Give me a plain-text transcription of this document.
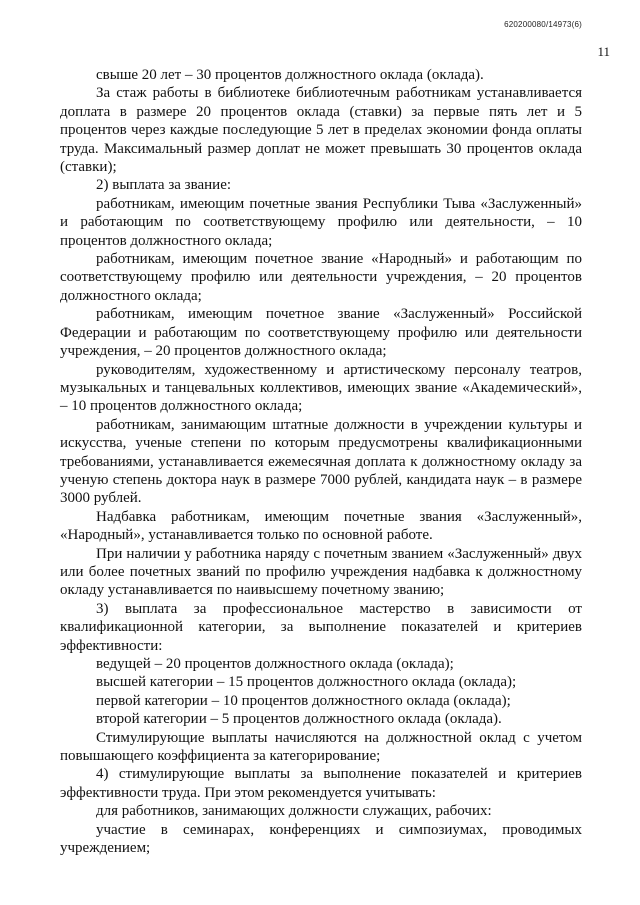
620200080/14973(6)
11

свыше 20 лет – 30 процентов должностного оклада (оклада).

За стаж работы в библиотеке библиотечным работникам устанавливается доплата в размере 20 процентов оклада (ставки) за первые пять лет и 5 процентов через каждые последующие 5 лет в пределах экономии фонда оплаты труда. Максимальный размер доплат не может превышать 30 процентов оклада (ставки);

2) выплата за звание:

работникам, имеющим почетные звания Республики Тыва «Заслуженный» и работающим по соответствующему профилю или деятельности, – 10 процентов должностного оклада;

работникам, имеющим почетное звание «Народный» и работающим по соответствующему профилю или деятельности учреждения, – 20 процентов должностного оклада;

работникам, имеющим почетное звание «Заслуженный» Российской Федерации и работающим по соответствующему профилю или деятельности учреждения, – 20 процентов должностного оклада;

руководителям, художественному и артистическому персоналу театров, музыкальных и танцевальных коллективов, имеющих звание «Академический», – 10 процентов должностного оклада;

работникам, занимающим штатные должности в учреждении культуры и искусства, ученые степени по которым предусмотрены квалификационными требованиями, устанавливается ежемесячная доплата к должностному окладу за ученую степень доктора наук в размере 7000 рублей, кандидата наук – в размере 3000 рублей.

Надбавка работникам, имеющим почетные звания «Заслуженный», «Народный», устанавливается только по основной работе.

При наличии у работника наряду с почетным званием «Заслуженный» двух или более почетных званий по профилю учреждения надбавка к должностному окладу устанавливается по наивысшему почетному званию;

3) выплата за профессиональное мастерство в зависимости от квалификационной категории, за выполнение показателей и критериев эффективности:

ведущей – 20 процентов должностного оклада (оклада);

высшей категории – 15 процентов должностного оклада (оклада);

первой категории – 10 процентов должностного оклада (оклада);

второй категории – 5 процентов должностного оклада (оклада).

Стимулирующие выплаты начисляются на должностной оклад с учетом повышающего коэффициента за категорирование;

4) стимулирующие выплаты за выполнение показателей и критериев эффективности труда. При этом рекомендуется учитывать:

для работников, занимающих должности служащих, рабочих:

участие в семинарах, конференциях и симпозиумах, проводимых учреждением;
